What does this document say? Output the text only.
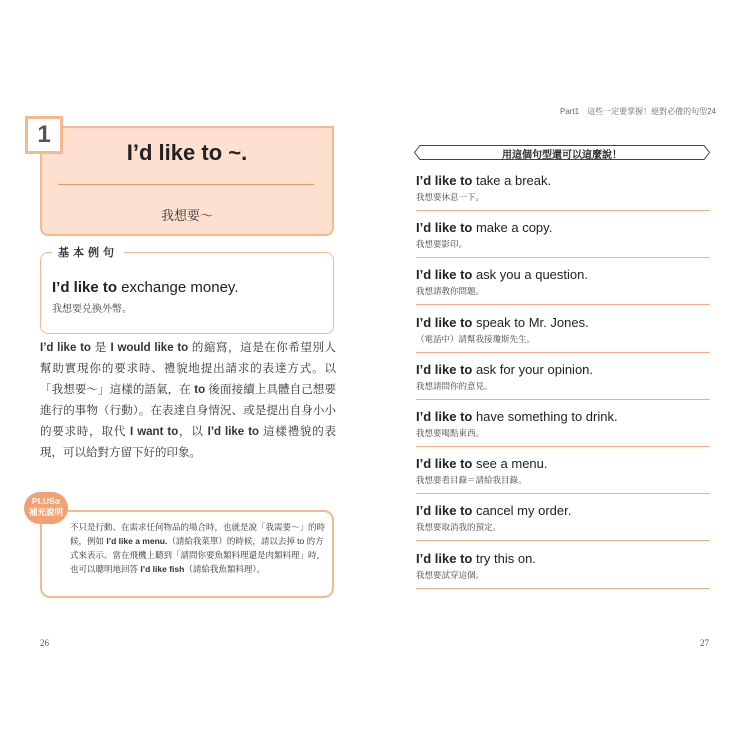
1
I’d like to ~.
我想要～
基本例句
I’d like to exchange money.
我想要兑換外幣。
I’d like to 是 I would like to 的縮寫，這是在你希望別人幫助實現你的要求時、禮貌地提出請求的表達方式。以「我想要～」這樣的語氣，在 to 後面接續上具體自己想要進行的事物（行動）。在表達自身情況、或是提出自身小小的要求時，取代 I want to，以 I’d like to 這樣禮貌的表現，可以給對方留下好的印象。
PLUSα
補充說明
不只是行動、在需求任何物品的場合時，也就是說「我需要～」的時候，例如 I’d like a menu.（請給我菜單）的時候，請以去掉 to 的方式來表示。當在飛機上聽到「請問你要魚類料理還是肉類料理」時，也可以聰明地回答 I’d like fish（請給我魚類料理）。
26
Part1　這些一定要掌握！絕對必備的句型24
用這個句型還可以這麼說！
I’d like to take a break.
我想要休息一下。
I’d like to make a copy.
我想要影印。
I’d like to ask you a question.
我想請教你問題。
I’d like to speak to Mr. Jones.
（電話中）請幫我接瓊斯先生。
I’d like to ask for your opinion.
我想請問你的意見。
I’d like to have something to drink.
我想要喝點東西。
I’d like to see a menu.
我想要看目錄＝請給我目錄。
I’d like to cancel my order.
我想要取消我的預定。
I’d like to try this on.
我想要試穿這個。
27
